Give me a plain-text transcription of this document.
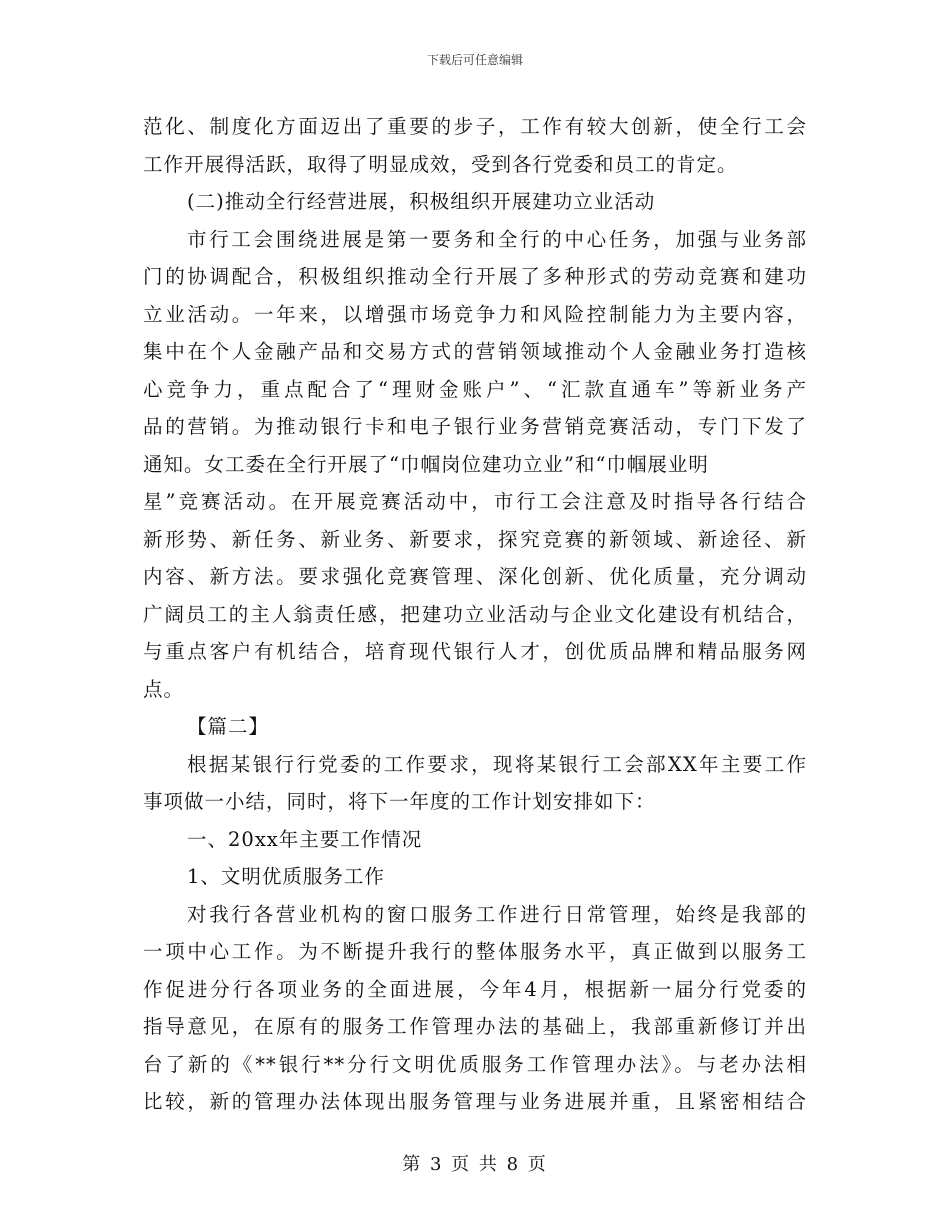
下载后可任意编辑
范化、制度化方面迈出了重要的步子，工作有较大创新，使全行工会
工作开展得活跃，取得了明显成效，受到各行党委和员工的肯定。
(二)推动全行经营进展，积极组织开展建功立业活动
市行工会围绕进展是第一要务和全行的中心任务，加强与业务部
门的协调配合，积极组织推动全行开展了多种形式的劳动竞赛和建功
立业活动。一年来，以增强市场竞争力和风险控制能力为主要内容，
集中在个人金融产品和交易方式的营销领域推动个人金融业务打造核
心竞争力，重点配合了“理财金账户”、“汇款直通车”等新业务产
品的营销。为推动银行卡和电子银行业务营销竞赛活动，专门下发了
通知。女工委在全行开展了“巾帼岗位建功立业”和“巾帼展业明
星”竞赛活动。在开展竞赛活动中，市行工会注意及时指导各行结合
新形势、新任务、新业务、新要求，探究竞赛的新领域、新途径、新
内容、新方法。要求强化竞赛管理、深化创新、优化质量，充分调动
广阔员工的主人翁责任感，把建功立业活动与企业文化建设有机结合，
与重点客户有机结合，培育现代银行人才，创优质品牌和精品服务网
点。
【篇二】
根据某银行行党委的工作要求，现将某银行工会部XX年主要工作
事项做一小结，同时，将下一年度的工作计划安排如下：
一、20xx年主要工作情况
1、文明优质服务工作
对我行各营业机构的窗口服务工作进行日常管理，始终是我部的
一项中心工作。为不断提升我行的整体服务水平，真正做到以服务工
作促进分行各项业务的全面进展，今年4月，根据新一届分行党委的
指导意见，在原有的服务工作管理办法的基础上，我部重新修订并出
台了新的《**银行**分行文明优质服务工作管理办法》。与老办法相
比较，新的管理办法体现出服务管理与业务进展并重，且紧密相结合
第 3 页 共 8 页
